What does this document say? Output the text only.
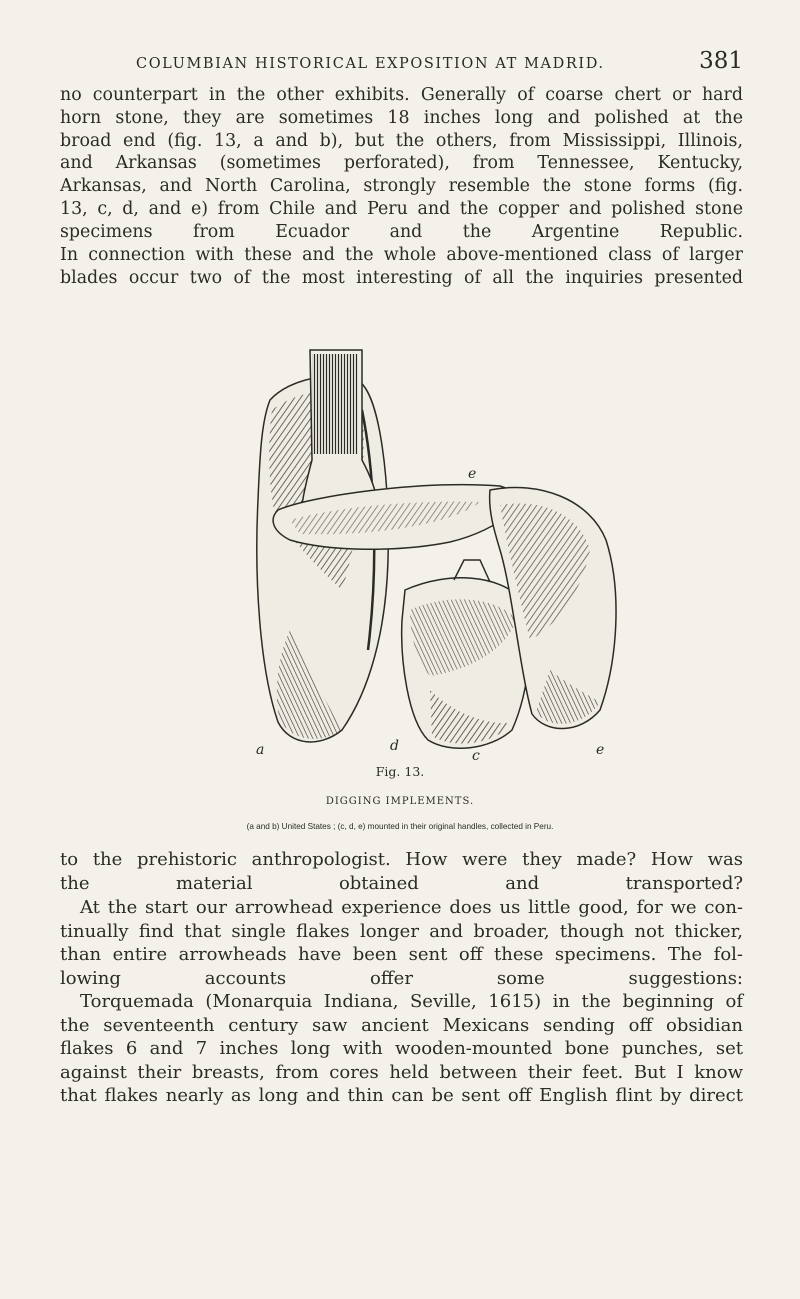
COLUMBIAN HISTORICAL EXPOSITION AT MADRID.	381

no counterpart in the other exhibits. Generally of coarse chert or hard
horn stone, they are sometimes 18 inches long and polished at the
broad end (fig. 13, a and b), but the others, from Mississippi, Illinois,
and Arkansas (sometimes perforated), from Tennessee, Kentucky,
Arkansas, and North Carolina, strongly resemble the stone forms (fig.
13, c, d, and e) from Chile and Peru and the copper and polished stone
specimens from Ecuador and the Argentine Republic.

In connection with these and the whole above-mentioned class of larger
blades occur two of the most interesting of all the inquiries presented

a	d
c	e
e
Fig. 13.
DIGGING IMPLEMENTS.
(a and b) United States ; (c, d, e) mounted in their original handles, collected in Peru.

to the prehistoric anthropologist. How were they made? How was
the material obtained and transported?

At the start our arrowhead experience does us little good, for we con-
tinually find that single flakes longer and broader, though not thicker,
than entire arrowheads have been sent off these specimens. The fol-
lowing accounts offer some suggestions:

Torquemada (Monarquia Indiana, Seville, 1615) in the beginning of
the seventeenth century saw ancient Mexicans sending off obsidian
flakes 6 and 7 inches long with wooden-mounted bone punches, set
against their breasts, from cores held between their feet. But I know
that flakes nearly as long and thin can be sent off English flint by direct
